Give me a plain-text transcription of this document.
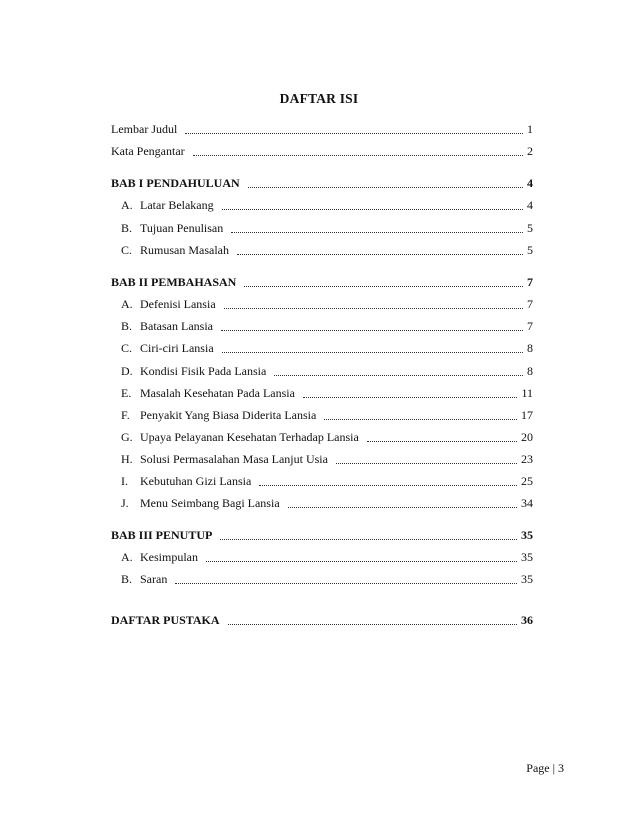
DAFTAR ISI
Lembar Judul	1
Kata Pengantar	2
BAB I PENDAHULUAN	4
A. Latar Belakang	4
B. Tujuan Penulisan	5
C. Rumusan Masalah	5
BAB II PEMBAHASAN	7
A. Defenisi Lansia	7
B. Batasan Lansia	7
C. Ciri-ciri Lansia	8
D. Kondisi Fisik Pada Lansia	8
E. Masalah Kesehatan Pada Lansia	11
F. Penyakit Yang Biasa Diderita Lansia	17
G. Upaya Pelayanan Kesehatan Terhadap Lansia	20
H. Solusi Permasalahan Masa Lanjut Usia	23
I.	Kebutuhan Gizi Lansia	25
J. Menu Seimbang Bagi Lansia	34
BAB III PENUTUP	35
A. Kesimpulan	35
B. Saran	35
DAFTAR PUSTAKA	36
Page | 3
